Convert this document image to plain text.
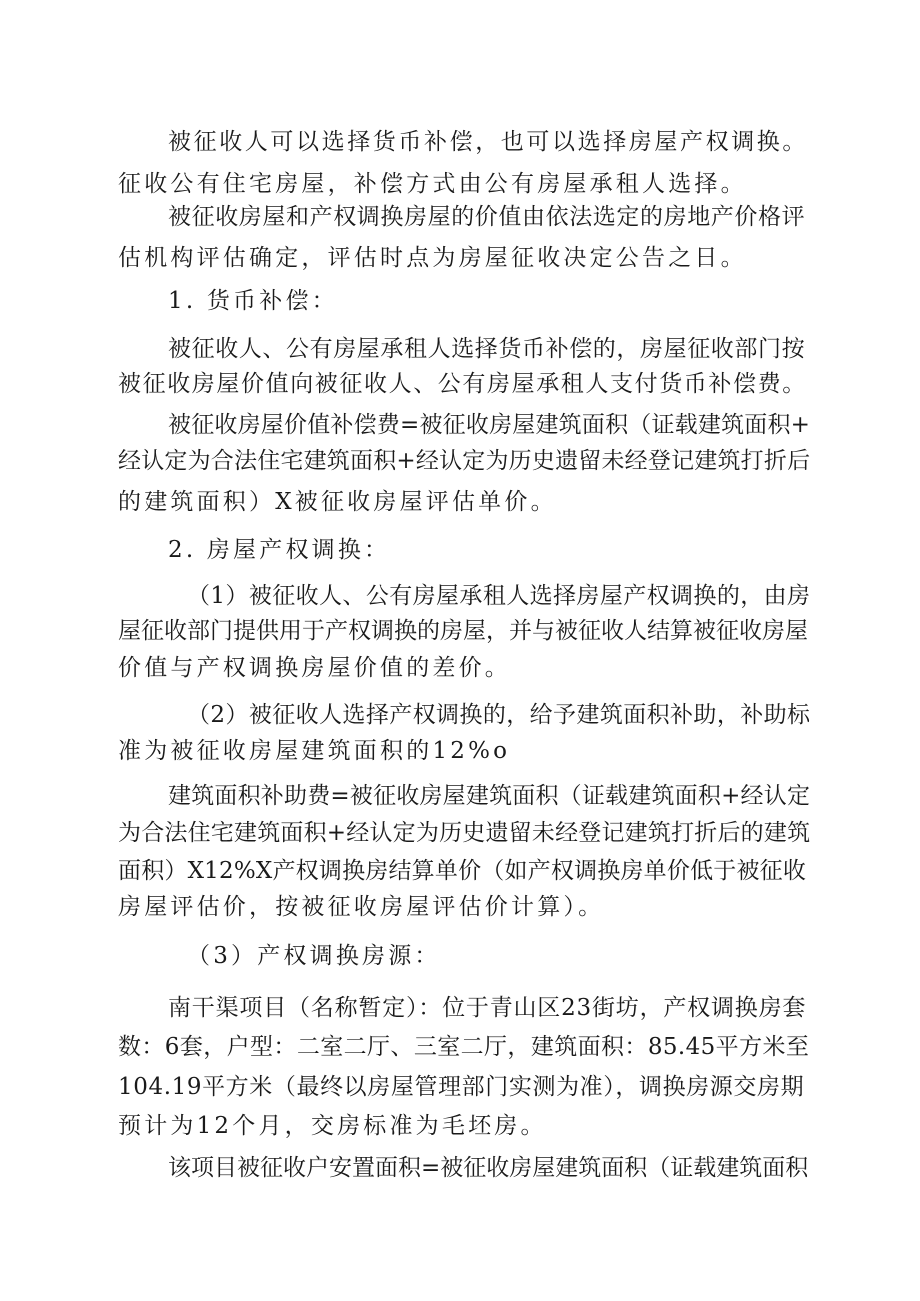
被征收人可以选择货币补偿，也可以选择房屋产权调换。
征收公有住宅房屋，补偿方式由公有房屋承租人选择。
被征收房屋和产权调换房屋的价值由依法选定的房地产价格评
估机构评估确定，评估时点为房屋征收决定公告之日。
1. 货币补偿：
被征收人、公有房屋承租人选择货币补偿的，房屋征收部门按
被征收房屋价值向被征收人、公有房屋承租人支付货币补偿费。
被征收房屋价值补偿费=被征收房屋建筑面积（证载建筑面积+
经认定为合法住宅建筑面积+经认定为历史遗留未经登记建筑打折后
的建筑面积）X被征收房屋评估单价。
2. 房屋产权调换：
（1）被征收人、公有房屋承租人选择房屋产权调换的，由房
屋征收部门提供用于产权调换的房屋，并与被征收人结算被征收房屋
价值与产权调换房屋价值的差价。
（2）被征收人选择产权调换的，给予建筑面积补助，补助标
准为被征收房屋建筑面积的12%o
建筑面积补助费=被征收房屋建筑面积（证载建筑面积+经认定
为合法住宅建筑面积+经认定为历史遗留未经登记建筑打折后的建筑
面积）X12%X产权调换房结算单价（如产权调换房单价低于被征收
房屋评估价，按被征收房屋评估价计算）。
（3）产权调换房源：
南干渠项目（名称暂定）：位于青山区23街坊，产权调换房套
数：6套，户型：二室二厅、三室二厅，建筑面积：85.45平方米至
104.19平方米（最终以房屋管理部门实测为准），调换房源交房期
预计为12个月，交房标准为毛坯房。
该项目被征收户安置面积=被征收房屋建筑面积（证载建筑面积
